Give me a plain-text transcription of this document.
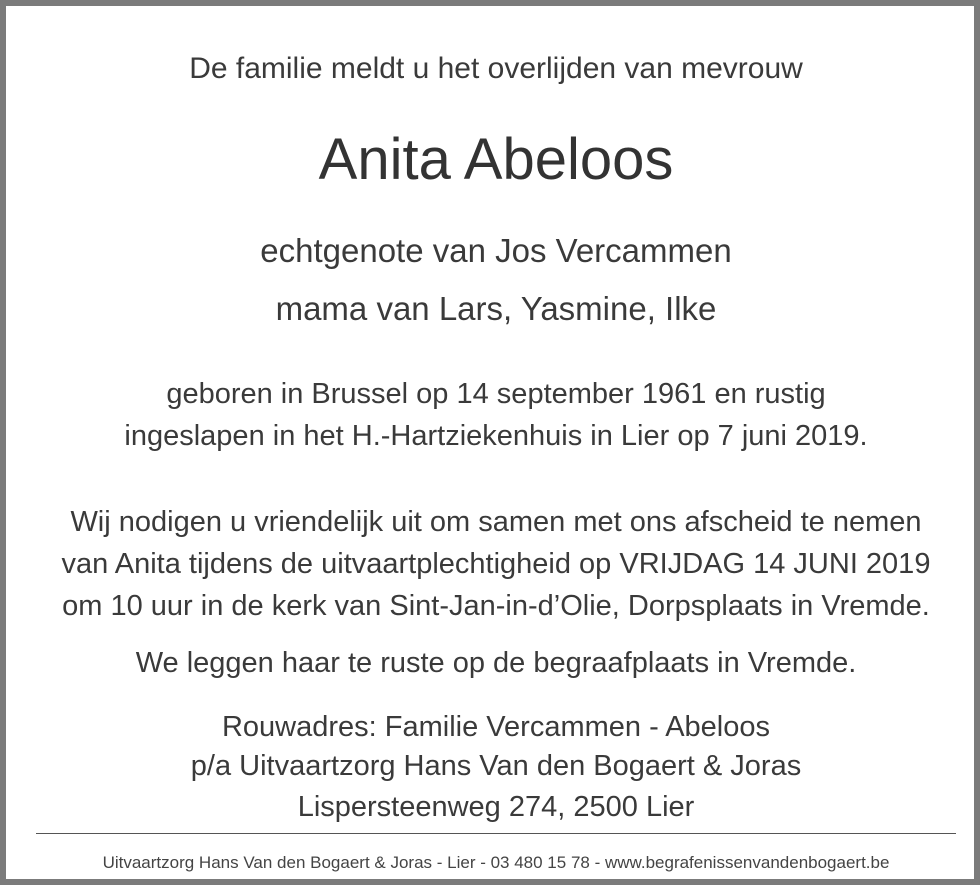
De familie meldt u het overlijden van mevrouw

Anita Abeloos

echtgenote van Jos Vercammen

mama van Lars, Yasmine, Ilke

geboren in Brussel op 14 september 1961 en rustig

ingeslapen in het H.-Hartziekenhuis in Lier op 7 juni 2019.

Wij nodigen u vriendelijk uit om samen met ons afscheid te nemen

van Anita tijdens de uitvaartplechtigheid op VRIJDAG 14 JUNI 2019

om 10 uur in de kerk van Sint-Jan-in-d’Olie, Dorpsplaats in Vremde.

We leggen haar te ruste op de begraafplaats in Vremde.

Rouwadres: Familie Vercammen - Abeloos

p/a Uitvaartzorg Hans Van den Bogaert & Joras

Lispersteenweg 274, 2500 Lier

Uitvaartzorg Hans Van den Bogaert & Joras - Lier - 03 480 15 78 - www.begrafenissenvandenbogaert.be
